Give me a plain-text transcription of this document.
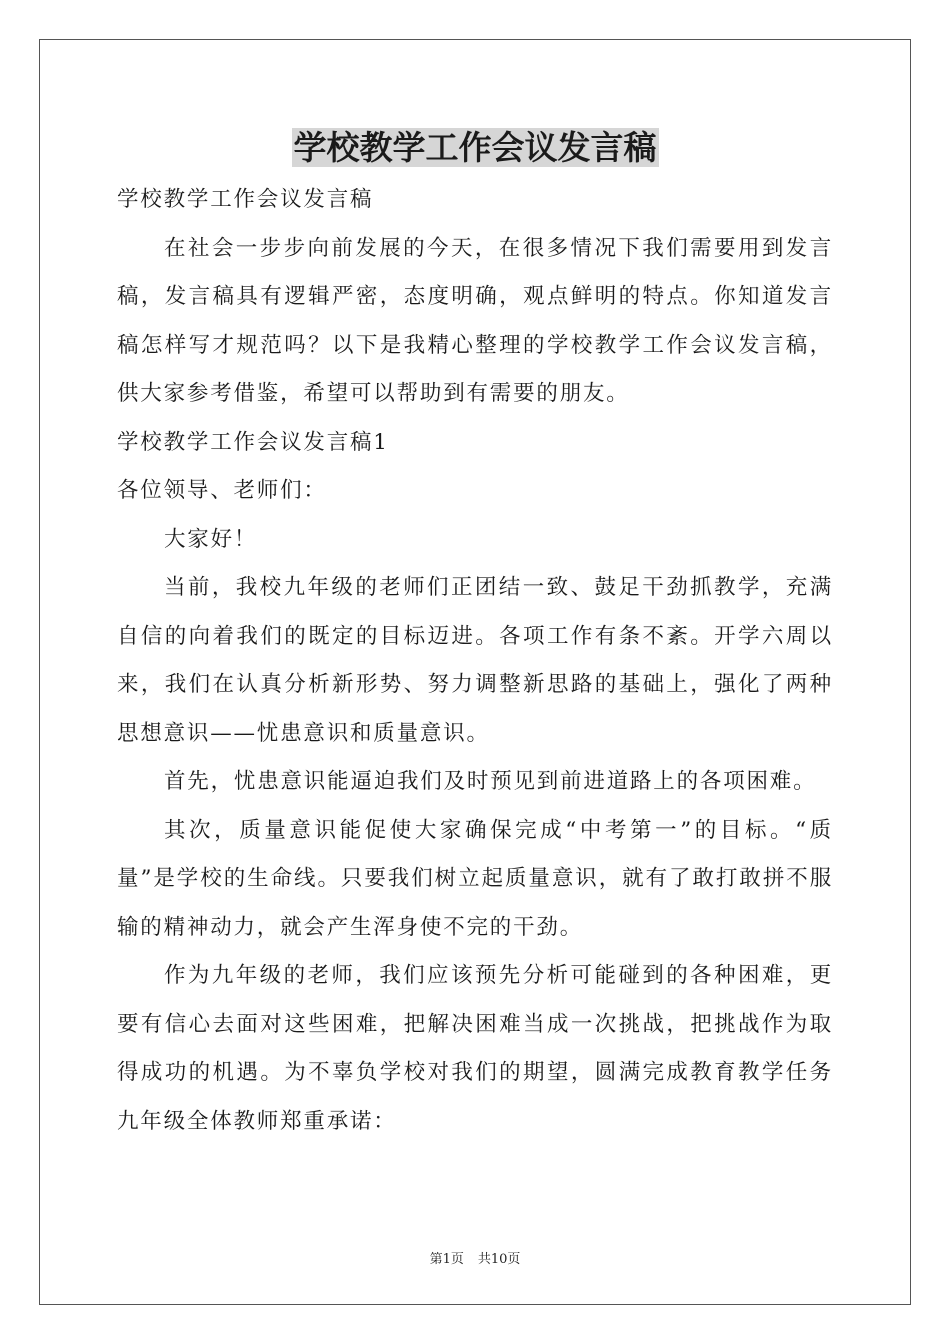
学校教学工作会议发言稿

学校教学工作会议发言稿

在社会一步步向前发展的今天，在很多情况下我们需要用到发言稿，发言稿具有逻辑严密，态度明确，观点鲜明的特点。你知道发言稿怎样写才规范吗？以下是我精心整理的学校教学工作会议发言稿，供大家参考借鉴，希望可以帮助到有需要的朋友。

学校教学工作会议发言稿1

各位领导、老师们：

大家好！

当前，我校九年级的老师们正团结一致、鼓足干劲抓教学，充满自信的向着我们的既定的目标迈进。各项工作有条不紊。开学六周以来，我们在认真分析新形势、努力调整新思路的基础上，强化了两种思想意识——忧患意识和质量意识。

首先，忧患意识能逼迫我们及时预见到前进道路上的各项困难。

其次，质量意识能促使大家确保完成“中考第一”的目标。“质量”是学校的生命线。只要我们树立起质量意识，就有了敢打敢拼不服输的精神动力，就会产生浑身使不完的干劲。

作为九年级的老师，我们应该预先分析可能碰到的各种困难，更要有信心去面对这些困难，把解决困难当成一次挑战，把挑战作为取得成功的机遇。为不辜负学校对我们的期望，圆满完成教育教学任务九年级全体教师郑重承诺：

第1页 共10页
